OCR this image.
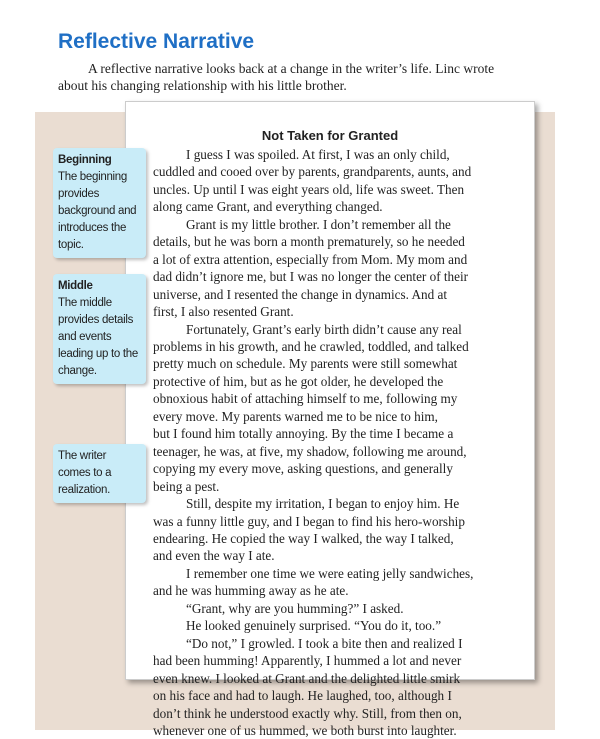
Reflective Narrative
A reflective narrative looks back at a change in the writer’s life. Linc wrote
about his changing relationship with his little brother.
Not Taken for Granted
I guess I was spoiled. At first, I was an only child,
cuddled and cooed over by parents, grandparents, aunts, and
uncles. Up until I was eight years old, life was sweet. Then
along came Grant, and everything changed.
Grant is my little brother. I don’t remember all the
details, but he was born a month prematurely, so he needed
a lot of extra attention, especially from Mom. My mom and
dad didn’t ignore me, but I was no longer the center of their
universe, and I resented the change in dynamics. And at
first, I also resented Grant.
Fortunately, Grant’s early birth didn’t cause any real
problems in his growth, and he crawled, toddled, and talked
pretty much on schedule. My parents were still somewhat
protective of him, but as he got older, he developed the
obnoxious habit of attaching himself to me, following my
every move. My parents warned me to be nice to him,
but I found him totally annoying. By the time I became a
teenager, he was, at five, my shadow, following me around,
copying my every move, asking questions, and generally
being a pest.
Still, despite my irritation, I began to enjoy him. He
was a funny little guy, and I began to find his hero-worship
endearing. He copied the way I walked, the way I talked,
and even the way I ate.
I remember one time we were eating jelly sandwiches,
and he was humming away as he ate.
“Grant, why are you humming?” I asked.
He looked genuinely surprised. “You do it, too.”
“Do not,” I growled. I took a bite then and realized I
had been humming! Apparently, I hummed a lot and never
even knew. I looked at Grant and the delighted little smirk
on his face and had to laugh. He laughed, too, although I
don’t think he understood exactly why. Still, from then on,
whenever one of us hummed, we both burst into laughter.
Beginning
The beginning provides background and introduces the topic.
Middle
The middle provides details and events leading up to the change.
The writer comes to a realization.
